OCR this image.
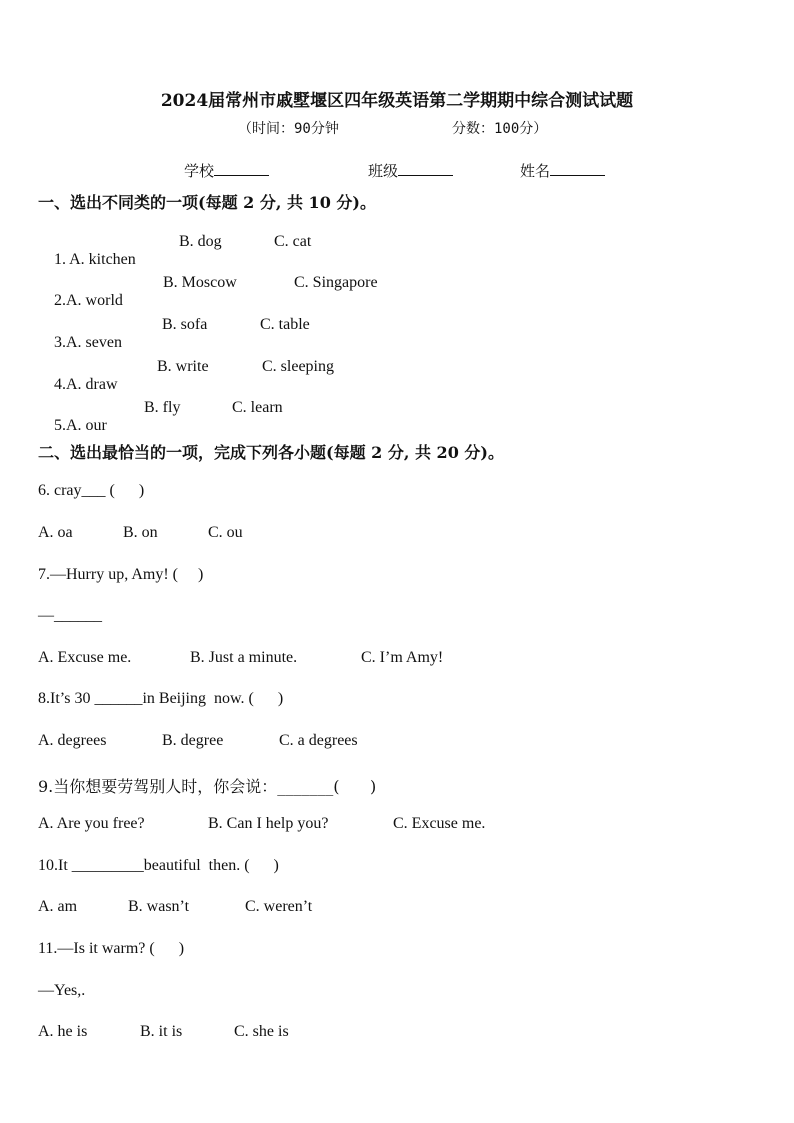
2024届常州市戚墅堰区四年级英语第二学期期中综合测试试题
（时间：90分钟	分数：100分）
学校	班级	姓名
一、选出不同类的一项(每题 2 分, 共 10 分)。

1. A. kitchen

B. dog	C. cat

2.A. world

B. Moscow	C. Singapore

3.A. seven

B. sofa	C. table

4.A. draw

B. write	C. sleeping

5.A. our

B. fly	C. learn
二、选出最恰当的一项，完成下列各小题(每题 2 分, 共 20 分)。
6. cray___ (      )
A. oa	B. on	C. ou
7.—Hurry up, Amy! (     )
—______
A. Excuse me.	B. Just a minute.	C. I’m Amy!
8.It’s 30 ______in Beijing  now. (      )
A. degrees	B. degree	C. a degrees
9.当你想要劳驾别人时，你会说：_______(      )
A. Are you free?	B. Can I help you?	C. Excuse me.
10.It _________beautiful  then. (      )
A. am	B. wasn’t	C. weren’t
11.—Is it warm? (      )
—Yes,.
A. he is	B. it is	C. she is
